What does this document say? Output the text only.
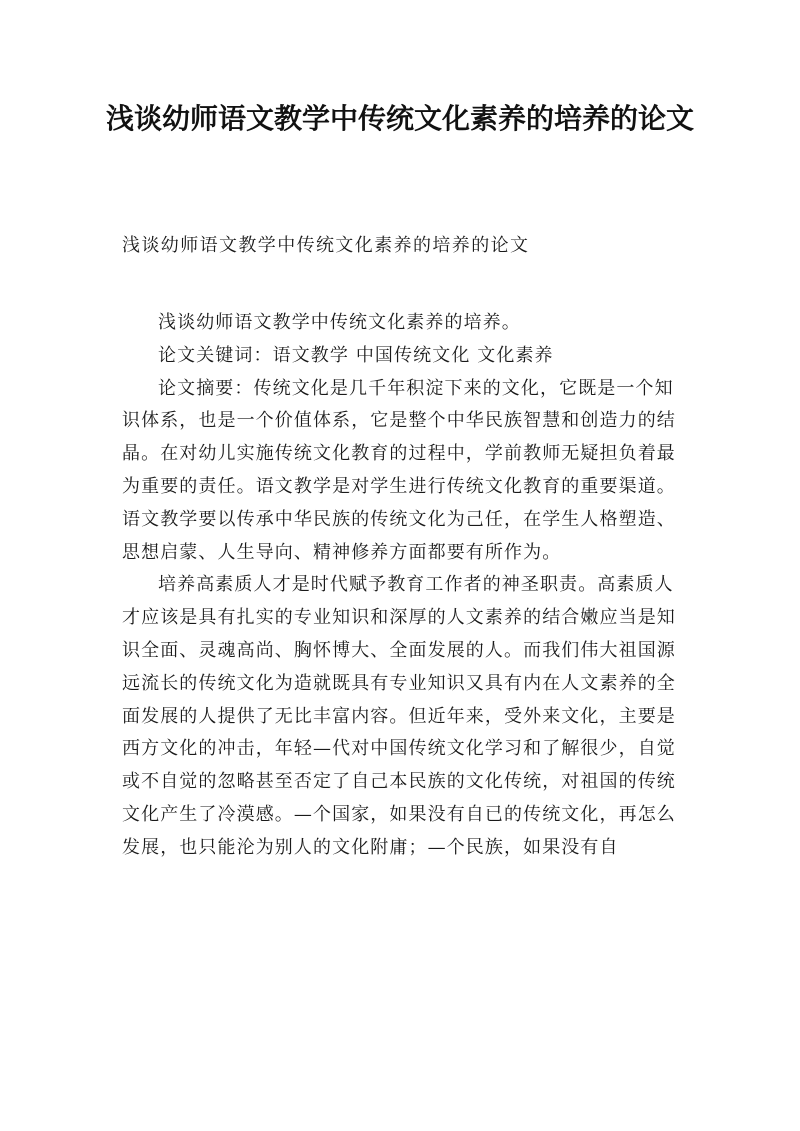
浅谈幼师语文教学中传统文化素养的培养的论文
浅谈幼师语文教学中传统文化素养的培养的论文

浅谈幼师语文教学中传统文化素养的培养。

论文关键词：语文教学 中国传统文化 文化素养

论文摘要：传统文化是几千年积淀下来的文化，它既是一个知识体系，也是一个价值体系，它是整个中华民族智慧和创造力的结晶。在对幼儿实施传统文化教育的过程中，学前教师无疑担负着最为重要的责任。语文教学是对学生进行传统文化教育的重要渠道。语文教学要以传承中华民族的传统文化为己任，在学生人格塑造、思想启蒙、人生导向、精神修养方面都要有所作为。

培养高素质人才是时代赋予教育工作者的神圣职责。高素质人才应该是具有扎实的专业知识和深厚的人文素养的结合嫩应当是知识全面、灵魂高尚、胸怀博大、全面发展的人。而我们伟大祖国源远流长的传统文化为造就既具有专业知识又具有内在人文素养的全面发展的人提供了无比丰富内容。但近年来，受外来文化，主要是西方文化的冲击，年轻—代对中国传统文化学习和了解很少，自觉或不自觉的忽略甚至否定了自己本民族的文化传统，对祖国的传统文化产生了冷漠感。—个国家，如果没有自已的传统文化，再怎么发展，也只能沦为别人的文化附庸；—个民族，如果没有自
